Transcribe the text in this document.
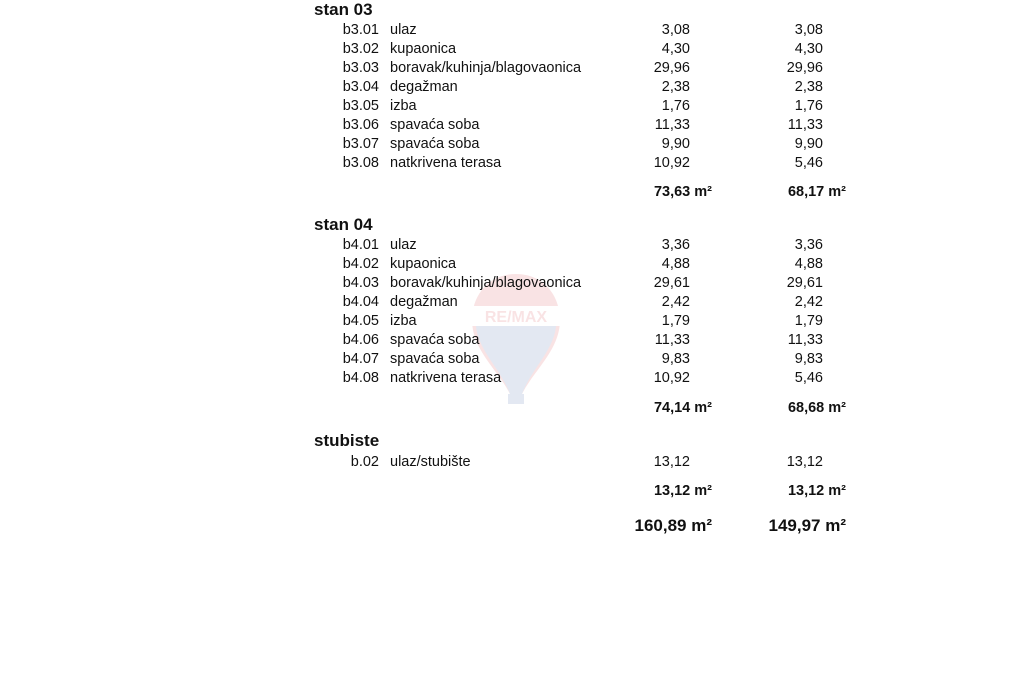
RE/MAX
stan 03
b3.01 ulaz	3,08	3,08
b3.02 kupaonica	4,30	4,30
b3.03 boravak/kuhinja/blagovaonica	29,96	29,96
b3.04 degažman	2,38	2,38
b3.05 izba	1,76	1,76
b3.06 spavaća soba	11,33	11,33
b3.07 spavaća soba	9,90	9,90
b3.08 natkrivena terasa	10,92	5,46
73,63 m²	68,17 m²
stan 04
b4.01 ulaz	3,36	3,36
b4.02 kupaonica	4,88	4,88
b4.03 boravak/kuhinja/blagovaonica	29,61	29,61
b4.04 degažman	2,42	2,42
b4.05 izba	1,79	1,79
b4.06 spavaća soba	11,33	11,33
b4.07 spavaća soba	9,83	9,83
b4.08 natkrivena terasa	10,92	5,46
74,14 m²	68,68 m²
stubiste
b.02 ulaz/stubište	13,12	13,12
13,12 m²	13,12 m²
160,89 m²	149,97 m²
